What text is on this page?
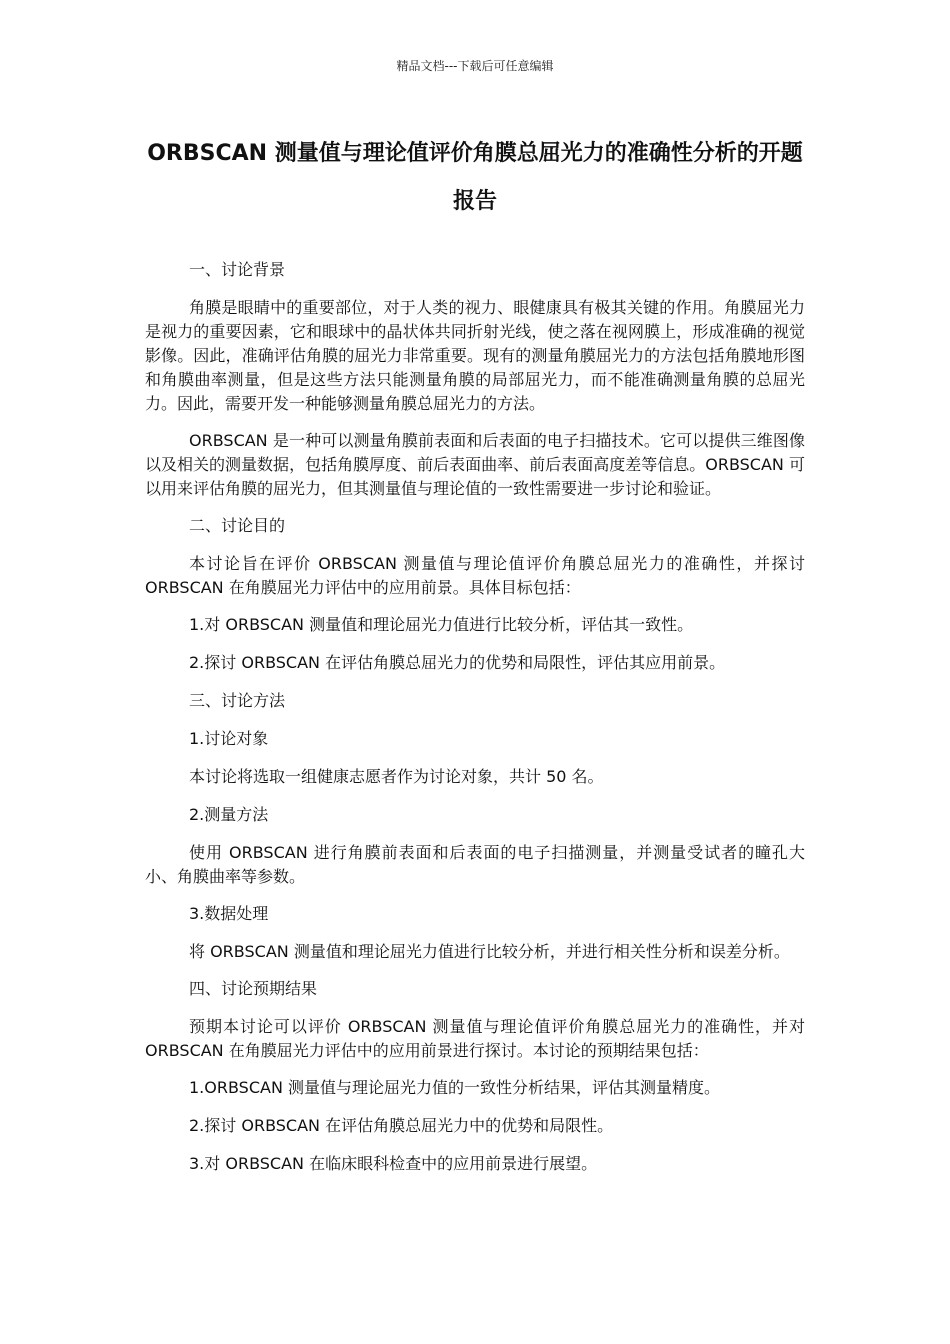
精品文档---下载后可任意编辑
ORBSCAN 测量值与理论值评价角膜总屈光力的准确性分析的开题报告

一、讨论背景

角膜是眼睛中的重要部位，对于人类的视力、眼健康具有极其关键的作用。角膜屈光力是视力的重要因素，它和眼球中的晶状体共同折射光线，使之落在视网膜上，形成准确的视觉影像。因此，准确评估角膜的屈光力非常重要。现有的测量角膜屈光力的方法包括角膜地形图和角膜曲率测量，但是这些方法只能测量角膜的局部屈光力，而不能准确测量角膜的总屈光力。因此，需要开发一种能够测量角膜总屈光力的方法。

ORBSCAN 是一种可以测量角膜前表面和后表面的电子扫描技术。它可以提供三维图像以及相关的测量数据，包括角膜厚度、前后表面曲率、前后表面高度差等信息。ORBSCAN 可以用来评估角膜的屈光力，但其测量值与理论值的一致性需要进一步讨论和验证。

二、讨论目的

本讨论旨在评价 ORBSCAN 测量值与理论值评价角膜总屈光力的准确性，并探讨 ORBSCAN 在角膜屈光力评估中的应用前景。具体目标包括：

1.对 ORBSCAN 测量值和理论屈光力值进行比较分析，评估其一致性。

2.探讨 ORBSCAN 在评估角膜总屈光力的优势和局限性，评估其应用前景。

三、讨论方法

1.讨论对象

本讨论将选取一组健康志愿者作为讨论对象，共计 50 名。

2.测量方法

使用 ORBSCAN 进行角膜前表面和后表面的电子扫描测量，并测量受试者的瞳孔大小、角膜曲率等参数。

3.数据处理

将 ORBSCAN 测量值和理论屈光力值进行比较分析，并进行相关性分析和误差分析。

四、讨论预期结果

预期本讨论可以评价 ORBSCAN 测量值与理论值评价角膜总屈光力的准确性，并对 ORBSCAN 在角膜屈光力评估中的应用前景进行探讨。本讨论的预期结果包括：

1.ORBSCAN 测量值与理论屈光力值的一致性分析结果，评估其测量精度。

2.探讨 ORBSCAN 在评估角膜总屈光力中的优势和局限性。

3.对 ORBSCAN 在临床眼科检查中的应用前景进行展望。
